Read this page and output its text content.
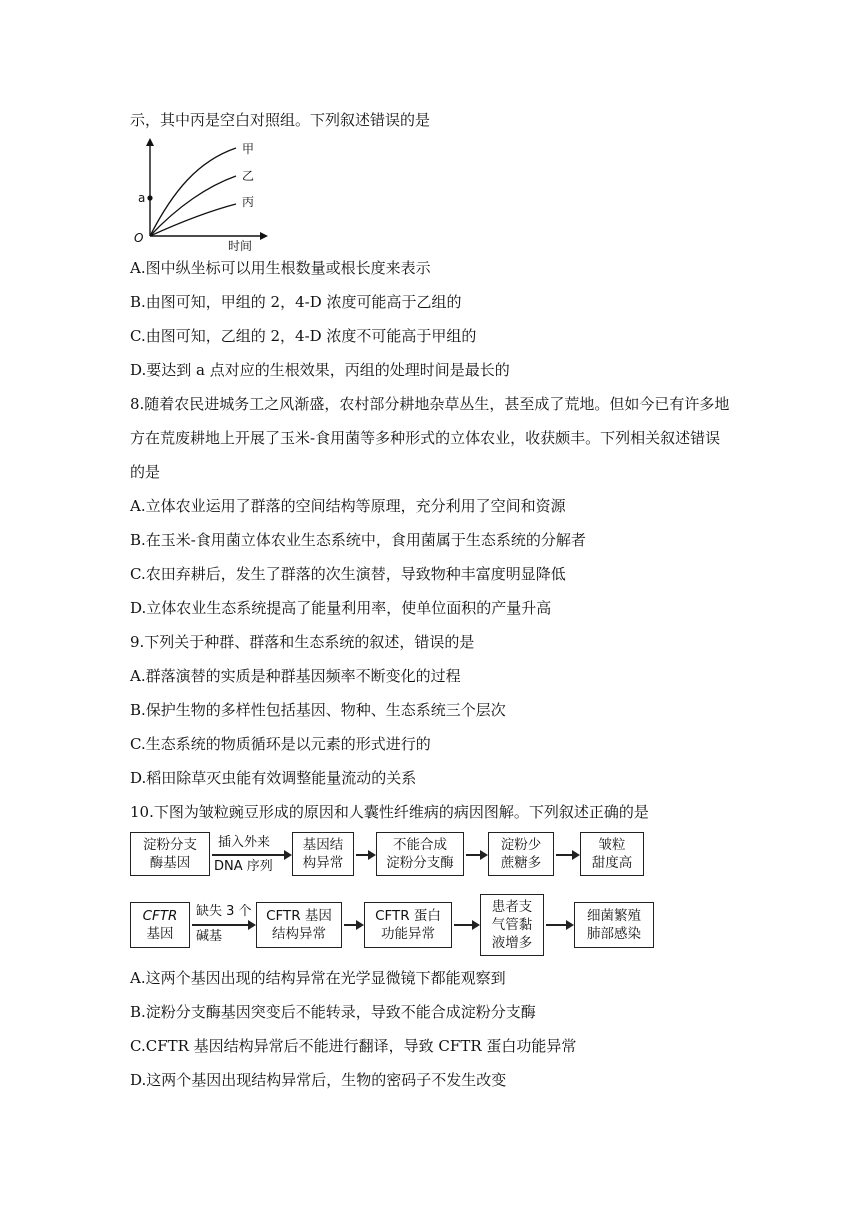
示，其中丙是空白对照组。下列叙述错误的是
a
甲
乙
丙
O
时间
A.图中纵坐标可以用生根数量或根长度来表示
B.由图可知，甲组的 2，4-D 浓度可能高于乙组的
C.由图可知，乙组的 2，4-D 浓度不可能高于甲组的
D.要达到 a 点对应的生根效果，丙组的处理时间是最长的
8.随着农民进城务工之风渐盛，农村部分耕地杂草丛生，甚至成了荒地。但如今已有许多地
方在荒废耕地上开展了玉米-食用菌等多种形式的立体农业，收获颇丰。下列相关叙述错误
的是
A.立体农业运用了群落的空间结构等原理，充分利用了空间和资源
B.在玉米-食用菌立体农业生态系统中，食用菌属于生态系统的分解者
C.农田弃耕后，发生了群落的次生演替，导致物种丰富度明显降低
D.立体农业生态系统提高了能量利用率，使单位面积的产量升高
9.下列关于种群、群落和生态系统的叙述，错误的是
A.群落演替的实质是种群基因频率不断变化的过程
B.保护生物的多样性包括基因、物种、生态系统三个层次
C.生态系统的物质循环是以元素的形式进行的
D.稻田除草灭虫能有效调整能量流动的关系
10.下图为皱粒豌豆形成的原因和人囊性纤维病的病因图解。下列叙述正确的是
淀粉分支
酶基因
插入外来
DNA 序列
基因结
构异常
不能合成
淀粉分支酶
淀粉少
蔗糖多
皱粒
甜度高
CFTR
基因
缺失 3 个
碱基
CFTR 基因
结构异常
CFTR 蛋白
功能异常
患者支
气管黏
液增多
细菌繁殖
肺部感染
A.这两个基因出现的结构异常在光学显微镜下都能观察到
B.淀粉分支酶基因突变后不能转录，导致不能合成淀粉分支酶
C.CFTR 基因结构异常后不能进行翻译，导致 CFTR 蛋白功能异常
D.这两个基因出现结构异常后，生物的密码子不发生改变
